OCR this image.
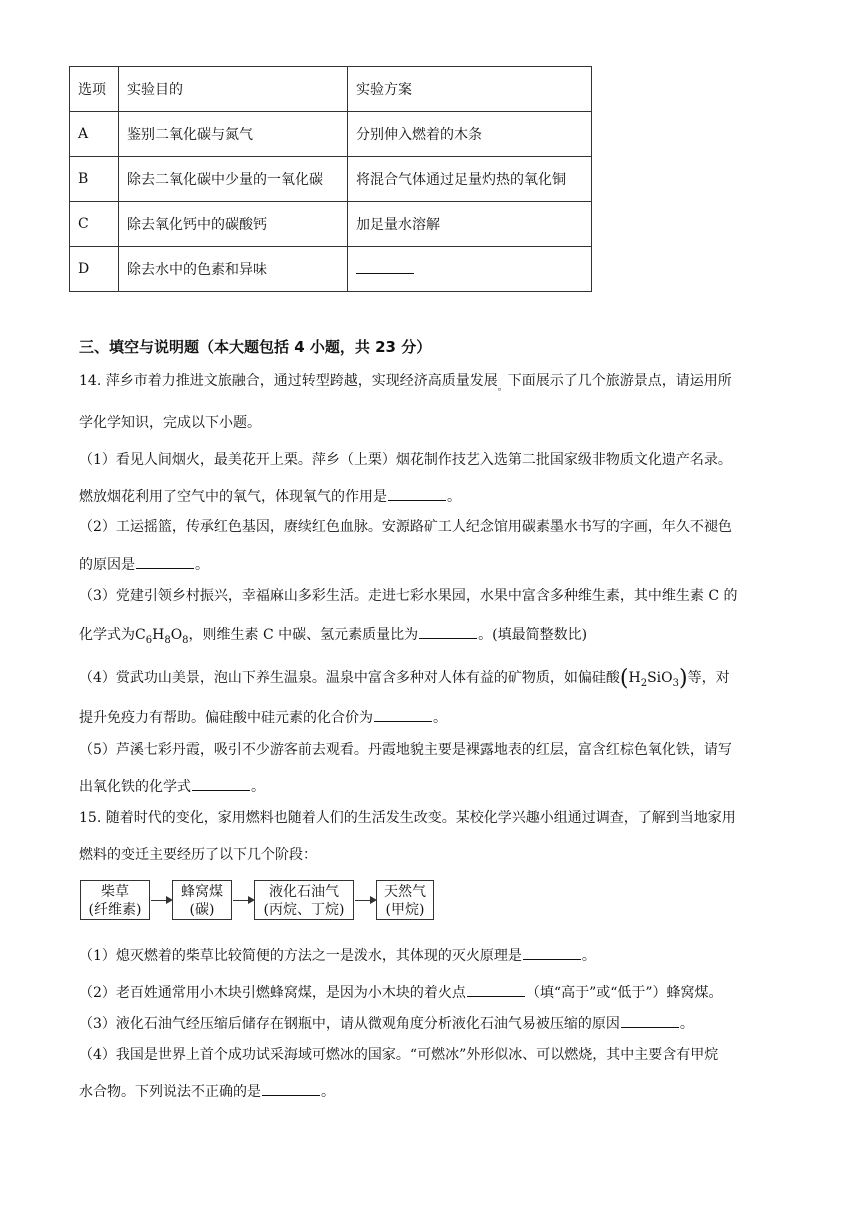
选项	实验目的	实验方案
A	鉴别二氧化碳与氮气	分别伸入燃着的木条
B	除去二氧化碳中少量的一氧化碳	将混合气体通过足量灼热的氧化铜
C	除去氧化钙中的碳酸钙	加足量水溶解
D	除去水中的色素和异味	
三、填空与说明题（本大题包括 4 小题，共 23 分）
14. 萍乡市着力推进文旅融合，通过转型跨越，实现经济高质量发展$_。$下面展示了几个旅游景点，请运用所
学化学知识，完成以下小题。
（1）看见人间烟火，最美花开上栗。萍乡（上栗）烟花制作技艺入选第二批国家级非物质文化遗产名录。
燃放烟花利用了空气中的氧气，体现氧气的作用是	。
（2）工运摇篮，传承红色基因，赓续红色血脉。安源路矿工人纪念馆用碳素墨水书写的字画，年久不褪色
的原因是	。
（3）党建引领乡村振兴，幸福麻山多彩生活。走进七彩水果园，水果中富含多种维生素，其中维生素 C 的
化学式为$C_6H_8O_8$，则维生素 C 中碳、氢元素质量比为	。(填最简整数比)
（4）赏武功山美景，泡山下养生温泉。温泉中富含多种对人体有益的矿物质，如偏硅酸$(H_2SiO_3)$等，对
提升免疫力有帮助。偏硅酸中硅元素的化合价为	。
（5）芦溪七彩丹霞，吸引不少游客前去观看。丹霞地貌主要是裸露地表的红层，富含红棕色氧化铁，请写
出氧化铁的化学式	。
15. 随着时代的变化，家用燃料也随着人们的生活发生改变。某校化学兴趣小组通过调查，了解到当地家用
燃料的变迁主要经历了以下几个阶段：
柴草
(纤维素)
蜂窝煤
(碳)
液化石油气
(丙烷、丁烷)
天然气
(甲烷)
（1）熄灭燃着的柴草比较简便的方法之一是泼水，其体现的灭火原理是	。
（2）老百姓通常用小木块引燃蜂窝煤，是因为小木块的着火点	（填“高于”或“低于”）蜂窝煤。
（3）液化石油气经压缩后储存在钢瓶中，请从微观角度分析液化石油气易被压缩的原因	。
（4）我国是世界上首个成功试采海域可燃冰的国家。“可燃冰”外形似冰、可以燃烧，其中主要含有甲烷
水合物。下列说法不正确的是	。
